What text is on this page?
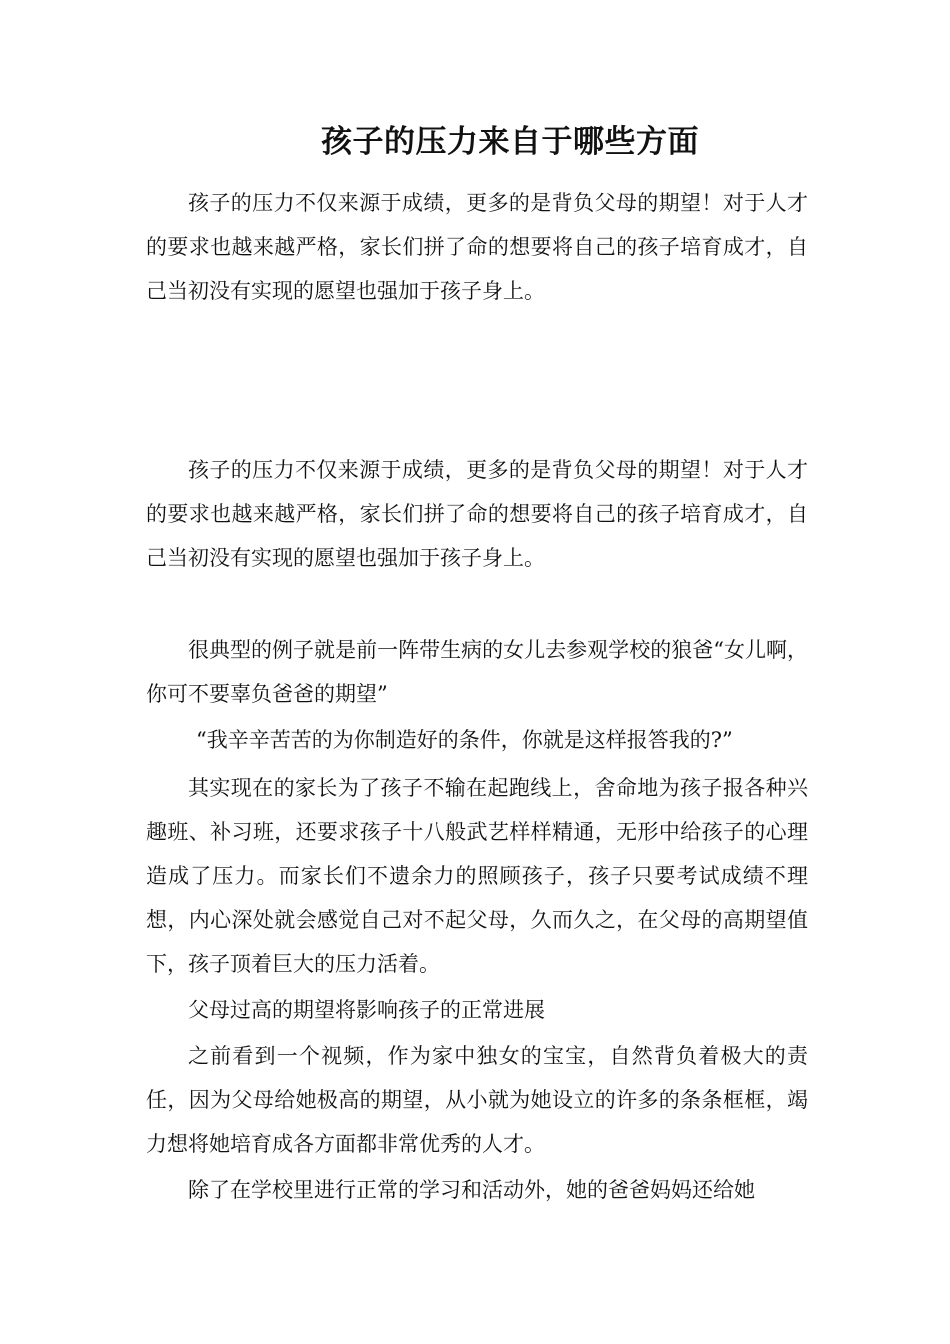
孩子的压力来自于哪些方面

孩子的压力不仅来源于成绩，更多的是背负父母的期望！对于人才的要求也越来越严格，家长们拼了命的想要将自己的孩子培育成才，自己当初没有实现的愿望也强加于孩子身上。

孩子的压力不仅来源于成绩，更多的是背负父母的期望！对于人才的要求也越来越严格，家长们拼了命的想要将自己的孩子培育成才，自己当初没有实现的愿望也强加于孩子身上。

很典型的例子就是前一阵带生病的女儿去参观学校的狼爸“女儿啊，你可不要辜负爸爸的期望”

“我辛辛苦苦的为你制造好的条件，你就是这样报答我的?”

其实现在的家长为了孩子不输在起跑线上，舍命地为孩子报各种兴趣班、补习班，还要求孩子十八般武艺样样精通，无形中给孩子的心理造成了压力。而家长们不遗余力的照顾孩子，孩子只要考试成绩不理想，内心深处就会感觉自己对不起父母，久而久之，在父母的高期望值下，孩子顶着巨大的压力活着。

父母过高的期望将影响孩子的正常进展

之前看到一个视频，作为家中独女的宝宝，自然背负着极大的责任，因为父母给她极高的期望，从小就为她设立的许多的条条框框，竭力想将她培育成各方面都非常优秀的人才。

除了在学校里进行正常的学习和活动外，她的爸爸妈妈还给她
